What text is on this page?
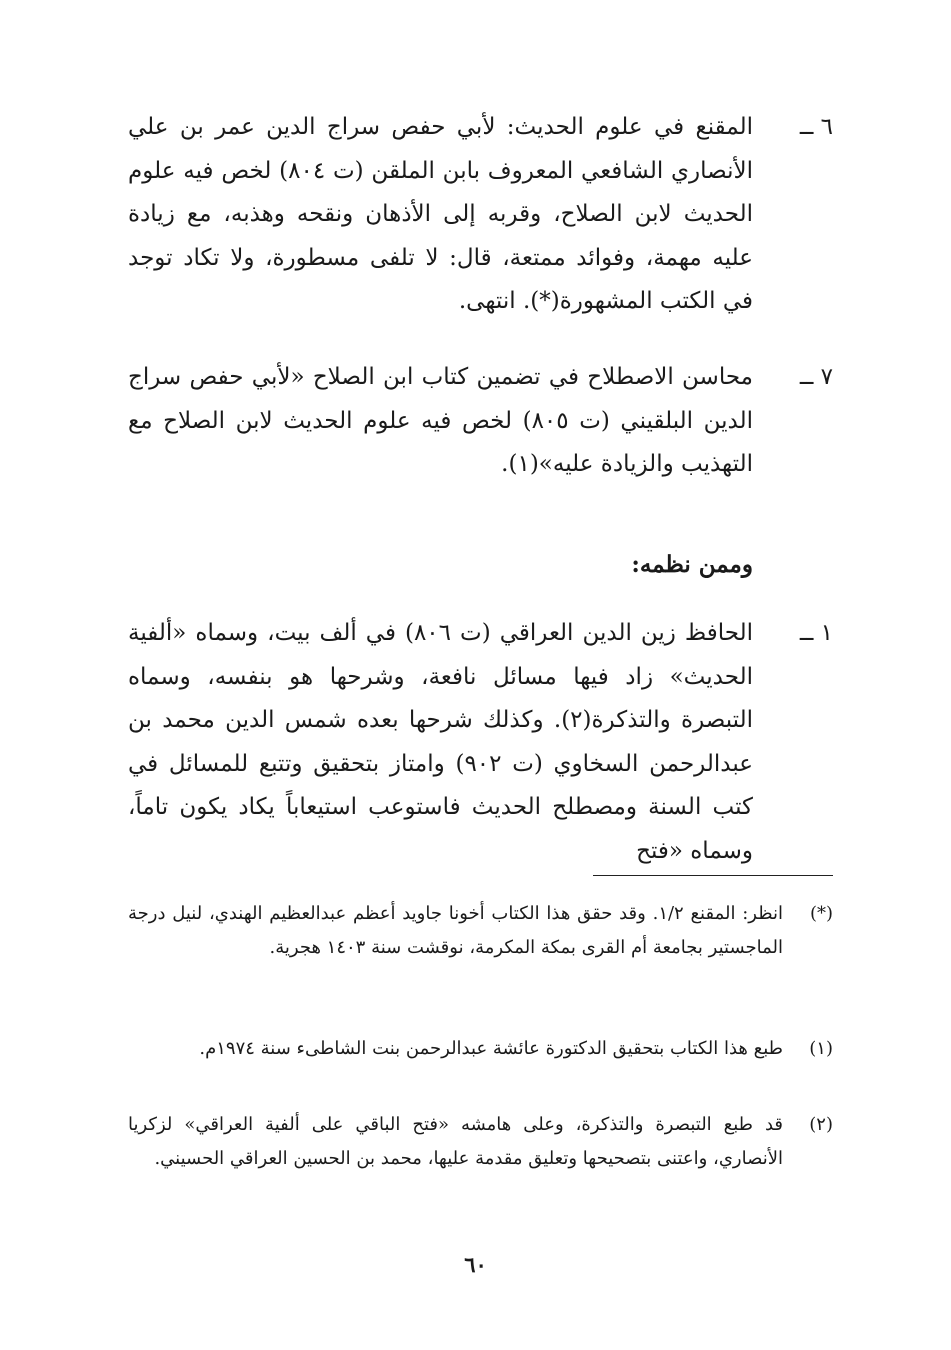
٦ ــ
المقنع في علوم الحديث: لأبي حفص سراج الدين عمر بن علي الأنصاري الشافعي المعروف بابن الملقن (ت ٨٠٤) لخص فيه علوم الحديث لابن الصلاح، وقربه إلى الأذهان ونقحه وهذبه، مع زيادة عليه مهمة، وفوائد ممتعة، قال: لا تلفى مسطورة، ولا تكاد توجد في الكتب المشهورة(*). انتهى.
٧ ــ
محاسن الاصطلاح في تضمين كتاب ابن الصلاح «لأبي حفص سراج الدين البلقيني (ت ٨٠٥) لخص فيه علوم الحديث لابن الصلاح مع التهذيب والزيادة عليه»(١).
وممن نظمه:
١ ــ
الحافظ زين الدين العراقي (ت ٨٠٦) في ألف بيت، وسماه «ألفية الحديث» زاد فيها مسائل نافعة، وشرحها هو بنفسه، وسماه التبصرة والتذكرة(٢). وكذلك شرحها بعده شمس الدين محمد بن عبدالرحمن السخاوي (ت ٩٠٢) وامتاز بتحقيق وتتبع للمسائل في كتب السنة ومصطلح الحديث فاستوعب استيعاباً يكاد يكون تاماً، وسماه «فتح
(*)
انظر: المقنع ١/٢. وقد حقق هذا الكتاب أخونا جاويد أعظم عبدالعظيم الهندي، لنيل درجة الماجستير بجامعة أم القرى بمكة المكرمة، نوقشت سنة ١٤٠٣ هجرية.
(١)
طبع هذا الكتاب بتحقيق الدكتورة عائشة عبدالرحمن بنت الشاطىء سنة ١٩٧٤م.
(٢)
قد طبع التبصرة والتذكرة، وعلى هامشه «فتح الباقي على ألفية العراقي» لزكريا الأنصاري، واعتنى بتصحيحها وتعليق مقدمة عليها، محمد بن الحسين العراقي الحسيني.
٦٠
